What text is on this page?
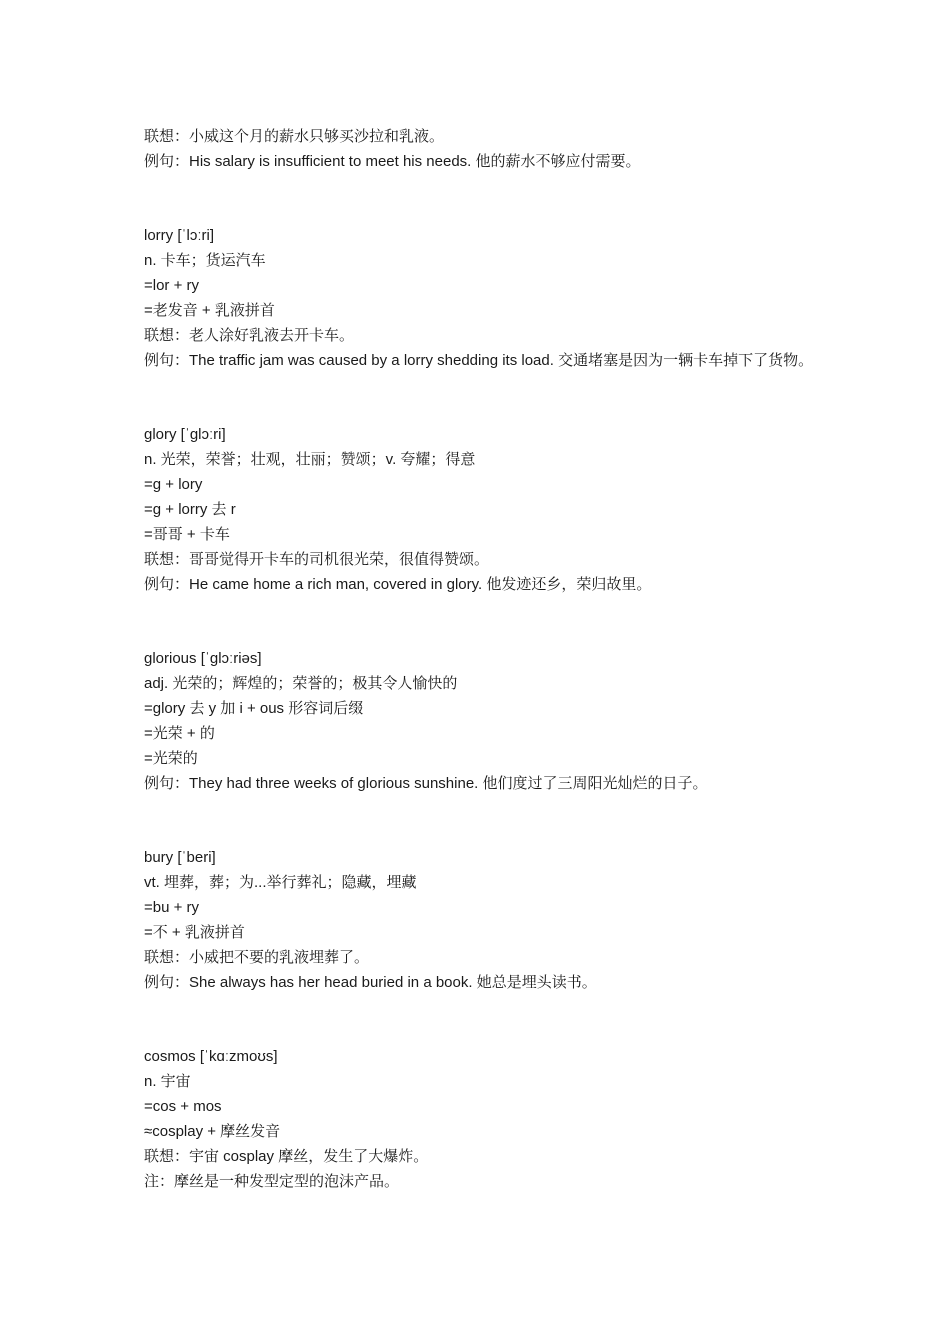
联想：小威这个月的薪水只够买沙拉和乳液。
例句：His salary is insufficient to meet his needs. 他的薪水不够应付需要。
lorry [ˈlɔːri]
n. 卡车；货运汽车
=lor + ry
=老发音 + 乳液拼首
联想：老人涂好乳液去开卡车。
例句：The traffic jam was caused by a lorry shedding its load. 交通堵塞是因为一辆卡车掉下了货物。
glory [ˈɡlɔːri]
n. 光荣，荣誉；壮观，壮丽；赞颂；v. 夸耀；得意
=g + lory
=g + lorry 去 r
=哥哥 + 卡车
联想：哥哥觉得开卡车的司机很光荣，很值得赞颂。
例句：He came home a rich man, covered in glory. 他发迹还乡，荣归故里。
glorious [ˈɡlɔːriəs]
adj. 光荣的；辉煌的；荣誉的；极其令人愉快的
=glory 去 y 加 i + ous 形容词后缀
=光荣 + 的
=光荣的
例句：They had three weeks of glorious sunshine. 他们度过了三周阳光灿烂的日子。
bury [ˈberi]
vt. 埋葬，葬；为...举行葬礼；隐藏，埋藏
=bu + ry
=不 + 乳液拼首
联想：小威把不要的乳液埋葬了。
例句：She always has her head buried in a book. 她总是埋头读书。
cosmos [ˈkɑːzmoʊs]
n. 宇宙
=cos + mos
≈cosplay + 摩丝发音
联想：宇宙 cosplay 摩丝，发生了大爆炸。
注：摩丝是一种发型定型的泡沫产品。
